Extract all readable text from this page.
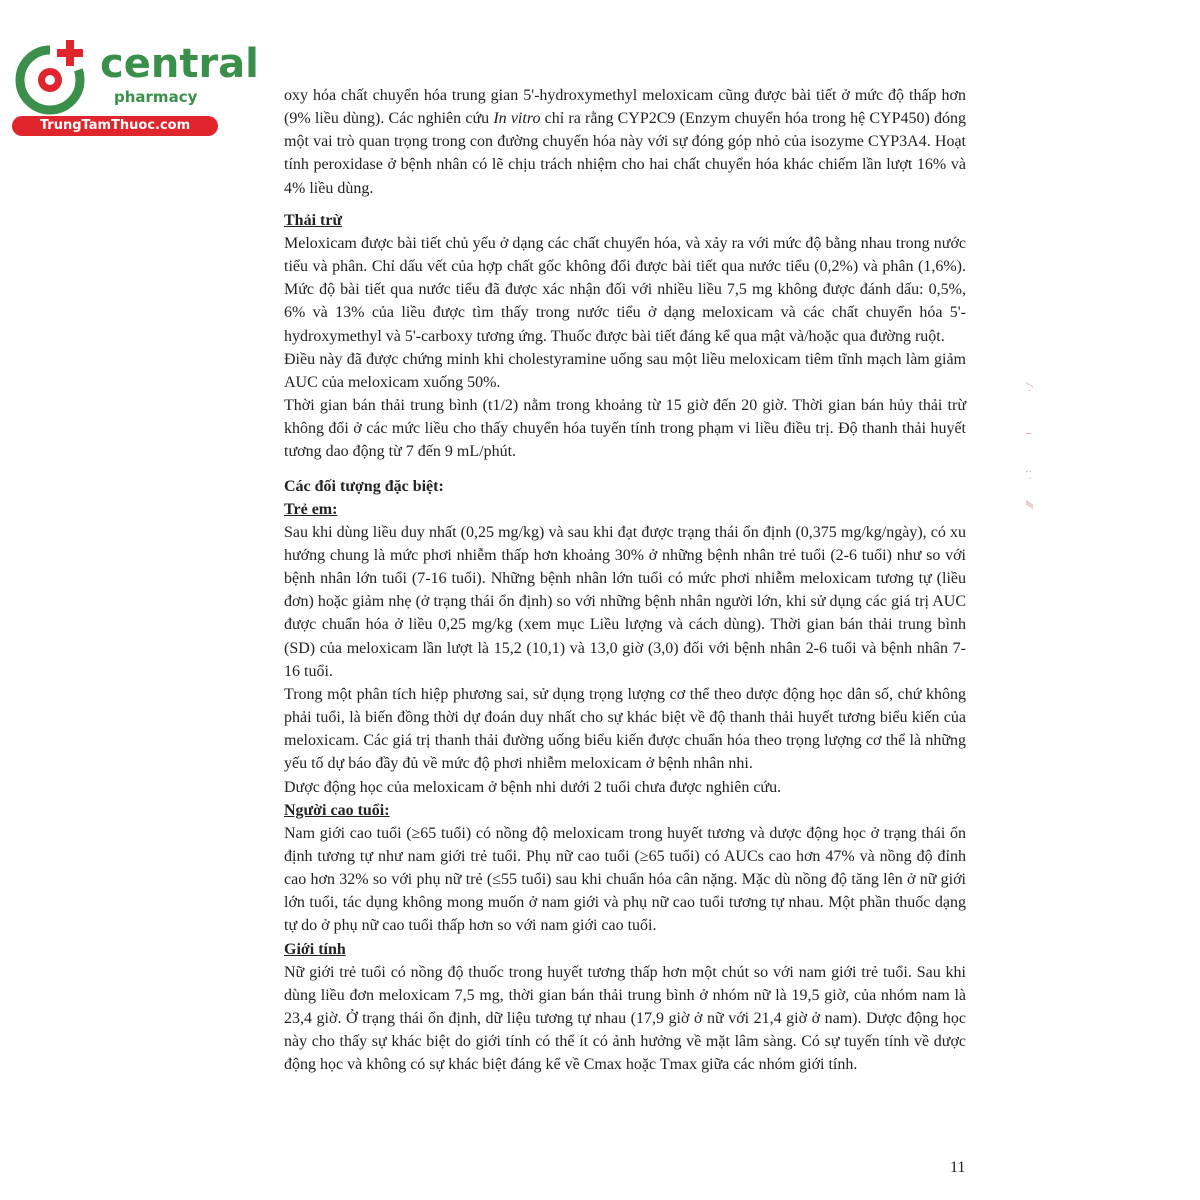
central
pharmacy
TrungTamThuoc.com

oxy hóa chất chuyển hóa trung gian 5'-hydroxymethyl meloxicam cũng được bài tiết ở mức độ thấp hơn (9% liều dùng). Các nghiên cứu In vitro chỉ ra rằng CYP2C9 (Enzym chuyển hóa trong hệ CYP450) đóng một vai trò quan trọng trong con đường chuyển hóa này với sự đóng góp nhỏ của isozyme CYP3A4. Hoạt tính peroxidase ở bệnh nhân có lẽ chịu trách nhiệm cho hai chất chuyển hóa khác chiếm lần lượt 16% và 4% liều dùng.

Thải trừ

Meloxicam được bài tiết chủ yếu ở dạng các chất chuyển hóa, và xảy ra với mức độ bằng nhau trong nước tiểu và phân. Chỉ dấu vết của hợp chất gốc không đổi được bài tiết qua nước tiểu (0,2%) và phân (1,6%). Mức độ bài tiết qua nước tiểu đã được xác nhận đối với nhiều liều 7,5 mg không được đánh dấu: 0,5%, 6% và 13% của liều được tìm thấy trong nước tiểu ở dạng meloxicam và các chất chuyển hóa 5'-hydroxymethyl và 5'-carboxy tương ứng. Thuốc được bài tiết đáng kể qua mật và/hoặc qua đường ruột.

Điều này đã được chứng minh khi cholestyramine uống sau một liều meloxicam tiêm tĩnh mạch làm giảm AUC của meloxicam xuống 50%.

Thời gian bán thải trung bình (t1/2) nằm trong khoảng từ 15 giờ đến 20 giờ. Thời gian bán hủy thải trừ không đổi ở các mức liều cho thấy chuyển hóa tuyến tính trong phạm vi liều điều trị. Độ thanh thải huyết tương dao động từ 7 đến 9 mL/phút.

Các đối tượng đặc biệt:

Trẻ em:

Sau khi dùng liều duy nhất (0,25 mg/kg) và sau khi đạt được trạng thái ổn định (0,375 mg/kg/ngày), có xu hướng chung là mức phơi nhiễm thấp hơn khoảng 30% ở những bệnh nhân trẻ tuổi (2-6 tuổi) như so với bệnh nhân lớn tuổi (7-16 tuổi). Những bệnh nhân lớn tuổi có mức phơi nhiễm meloxicam tương tự (liều đơn) hoặc giảm nhẹ (ở trạng thái ổn định) so với những bệnh nhân người lớn, khi sử dụng các giá trị AUC được chuẩn hóa ở liều 0,25 mg/kg (xem mục Liều lượng và cách dùng). Thời gian bán thải trung bình (SD) của meloxicam lần lượt là 15,2 (10,1) và 13,0 giờ (3,0) đối với bệnh nhân 2-6 tuổi và bệnh nhân 7-16 tuổi.

Trong một phân tích hiệp phương sai, sử dụng trọng lượng cơ thể theo dược động học dân số, chứ không phải tuổi, là biến đồng thời dự đoán duy nhất cho sự khác biệt về độ thanh thải huyết tương biểu kiến của meloxicam. Các giá trị thanh thải đường uống biểu kiến được chuẩn hóa theo trọng lượng cơ thể là những yếu tố dự báo đầy đủ về mức độ phơi nhiễm meloxicam ở bệnh nhân nhi.

Dược động học của meloxicam ở bệnh nhi dưới 2 tuổi chưa được nghiên cứu.

Người cao tuổi:

Nam giới cao tuổi (≥65 tuổi) có nồng độ meloxicam trong huyết tương và dược động học ở trạng thái ổn định tương tự như nam giới trẻ tuổi. Phụ nữ cao tuổi (≥65 tuổi) có AUCs cao hơn 47% và nồng độ đỉnh cao hơn 32% so với phụ nữ trẻ (≤55 tuổi) sau khi chuẩn hóa cân nặng. Mặc dù nồng độ tăng lên ở nữ giới lớn tuổi, tác dụng không mong muốn ở nam giới và phụ nữ cao tuổi tương tự nhau. Một phần thuốc dạng tự do ở phụ nữ cao tuổi thấp hơn so với nam giới cao tuổi.

Giới tính

Nữ giới trẻ tuổi có nồng độ thuốc trong huyết tương thấp hơn một chút so với nam giới trẻ tuổi. Sau khi dùng liều đơn meloxicam 7,5 mg, thời gian bán thải trung bình ở nhóm nữ là 19,5 giờ, của nhóm nam là 23,4 giờ. Ở trạng thái ổn định, dữ liệu tương tự nhau (17,9 giờ ở nữ với 21,4 giờ ở nam). Dược động học này cho thấy sự khác biệt do giới tính có thể ít có ảnh hưởng về mặt lâm sàng. Có sự tuyến tính về dược động học và không có sự khác biệt đáng kể về Cmax hoặc Tmax giữa các nhóm giới tính.

⁄ ·
ı
: ·
⁄⁄⁄
11
